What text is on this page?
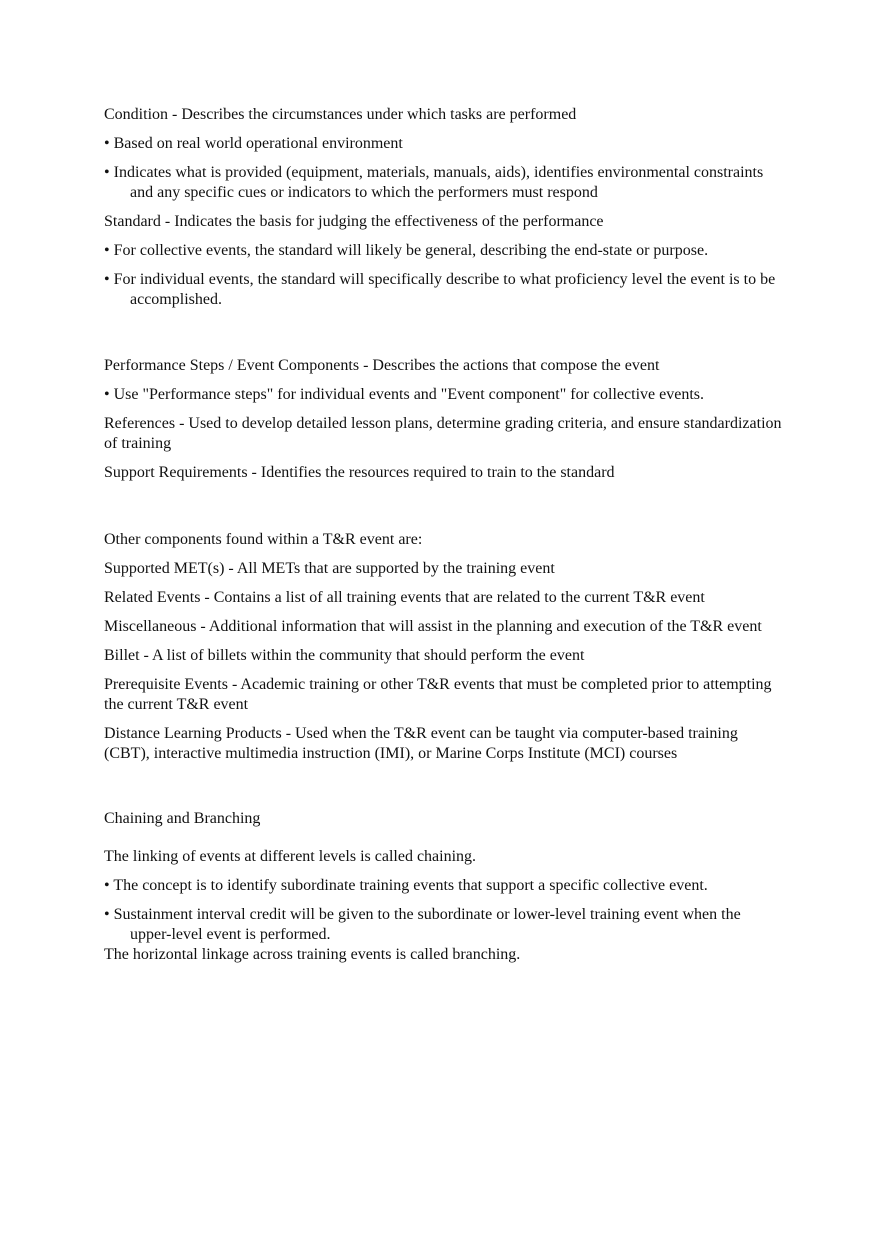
Condition - Describes the circumstances under which tasks are performed
• Based on real world operational environment
• Indicates what is provided (equipment, materials, manuals, aids), identifies environmental constraints and any specific cues or indicators to which the performers must respond
Standard - Indicates the basis for judging the effectiveness of the performance
• For collective events, the standard will likely be general, describing the end-state or purpose.
• For individual events, the standard will specifically describe to what proficiency level the event is to be accomplished.
Performance Steps / Event Components - Describes the actions that compose the event
• Use "Performance steps" for individual events and "Event component" for collective events.
References - Used to develop detailed lesson plans, determine grading criteria, and ensure standardization of training
Support Requirements - Identifies the resources required to train to the standard
Other components found within a T&R event are:
Supported MET(s) - All METs that are supported by the training event
Related Events - Contains a list of all training events that are related to the current T&R event
Miscellaneous - Additional information that will assist in the planning and execution of the T&R event
Billet - A list of billets within the community that should perform the event
Prerequisite Events - Academic training or other T&R events that must be completed prior to attempting the current T&R event
Distance Learning Products - Used when the T&R event can be taught via computer-based training (CBT), interactive multimedia instruction (IMI), or Marine Corps Institute (MCI) courses
Chaining and Branching
The linking of events at different levels is called chaining.
• The concept is to identify subordinate training events that support a specific collective event.
• Sustainment interval credit will be given to the subordinate or lower-level training event when the upper-level event is performed.
The horizontal linkage across training events is called branching.
